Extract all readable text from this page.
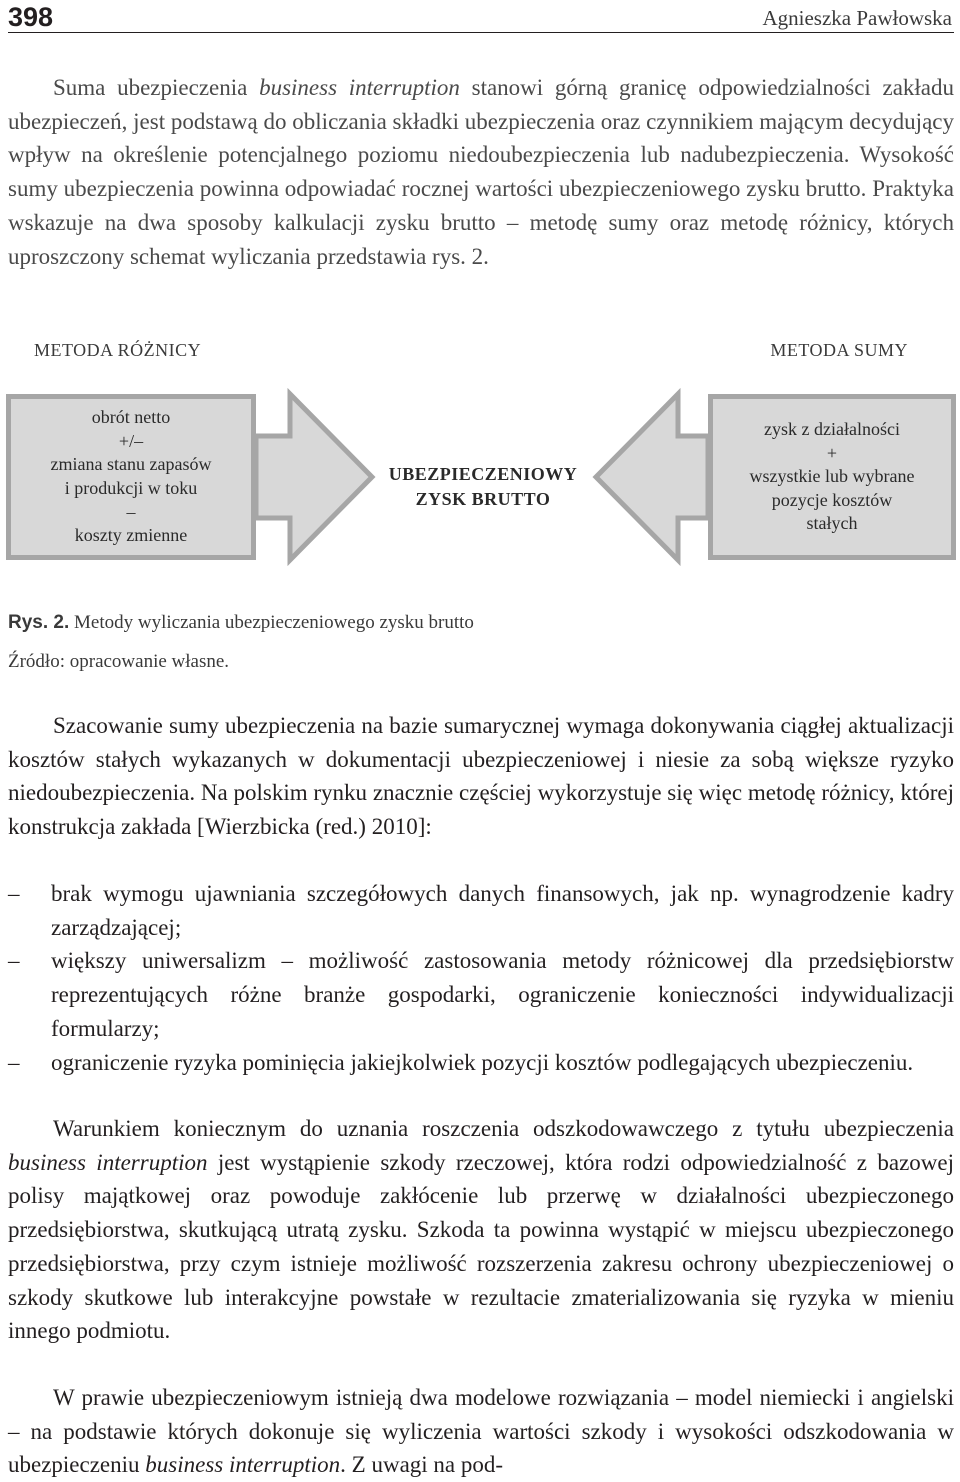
398	Agnieszka Pawłowska

Suma ubezpieczenia business interruption stanowi górną granicę odpowiedzialności zakładu ubezpieczeń, jest podstawą do obliczania składki ubezpieczenia oraz czynnikiem mającym decydujący wpływ na określenie potencjalnego poziomu niedoubezpieczenia lub nadubezpieczenia. Wysokość sumy ubezpieczenia powinna odpowiadać rocznej wartości ubezpieczeniowego zysku brutto. Praktyka wskazuje na dwa sposoby kalkulacji zysku brutto – metodę sumy oraz metodę różnicy, których uproszczony schemat wyliczania przedstawia rys. 2.

METODA RÓŻNICY	METODA SUMY
obrót netto
+/–
zmiana stanu zapasów
i produkcji w toku
–
koszty zmienne
UBEZPIECZENIOWY
ZYSK BRUTTO
zysk z działalności
+
wszystkie lub wybrane
pozycje kosztów
stałych
Rys. 2. Metody wyliczania ubezpieczeniowego zysku brutto
Źródło: opracowanie własne.

Szacowanie sumy ubezpieczenia na bazie sumarycznej wymaga dokonywania ciągłej aktualizacji kosztów stałych wykazanych w dokumentacji ubezpieczeniowej i niesie za sobą większe ryzyko niedoubezpieczenia. Na polskim rynku znacznie częściej wykorzystuje się więc metodę różnicy, której konstrukcja zakłada [Wierzbicka (red.) 2010]:

– brak wymogu ujawniania szczegółowych danych finansowych, jak np. wynagrodzenie kadry zarządzającej;
– większy uniwersalizm – możliwość zastosowania metody różnicowej dla przedsiębiorstw reprezentujących różne branże gospodarki, ograniczenie konieczności indywidualizacji formularzy;
– ograniczenie ryzyka pominięcia jakiejkolwiek pozycji kosztów podlegających ubezpieczeniu.

Warunkiem koniecznym do uznania roszczenia odszkodowawczego z tytułu ubezpieczenia business interruption jest wystąpienie szkody rzeczowej, która rodzi odpowiedzialność z bazowej polisy majątkowej oraz powoduje zakłócenie lub przerwę w działalności ubezpieczonego przedsiębiorstwa, skutkującą utratą zysku. Szkoda ta powinna wystąpić w miejscu ubezpieczonego przedsiębiorstwa, przy czym istnieje możliwość rozszerzenia zakresu ochrony ubezpieczeniowej o szkody skutkowe lub interakcyjne powstałe w rezultacie zmaterializowania się ryzyka w mieniu innego podmiotu.

W prawie ubezpieczeniowym istnieją dwa modelowe rozwiązania – model niemiecki i angielski – na podstawie których dokonuje się wyliczenia wartości szkody i wysokości odszkodowania w ubezpieczeniu business interruption. Z uwagi na pod-
